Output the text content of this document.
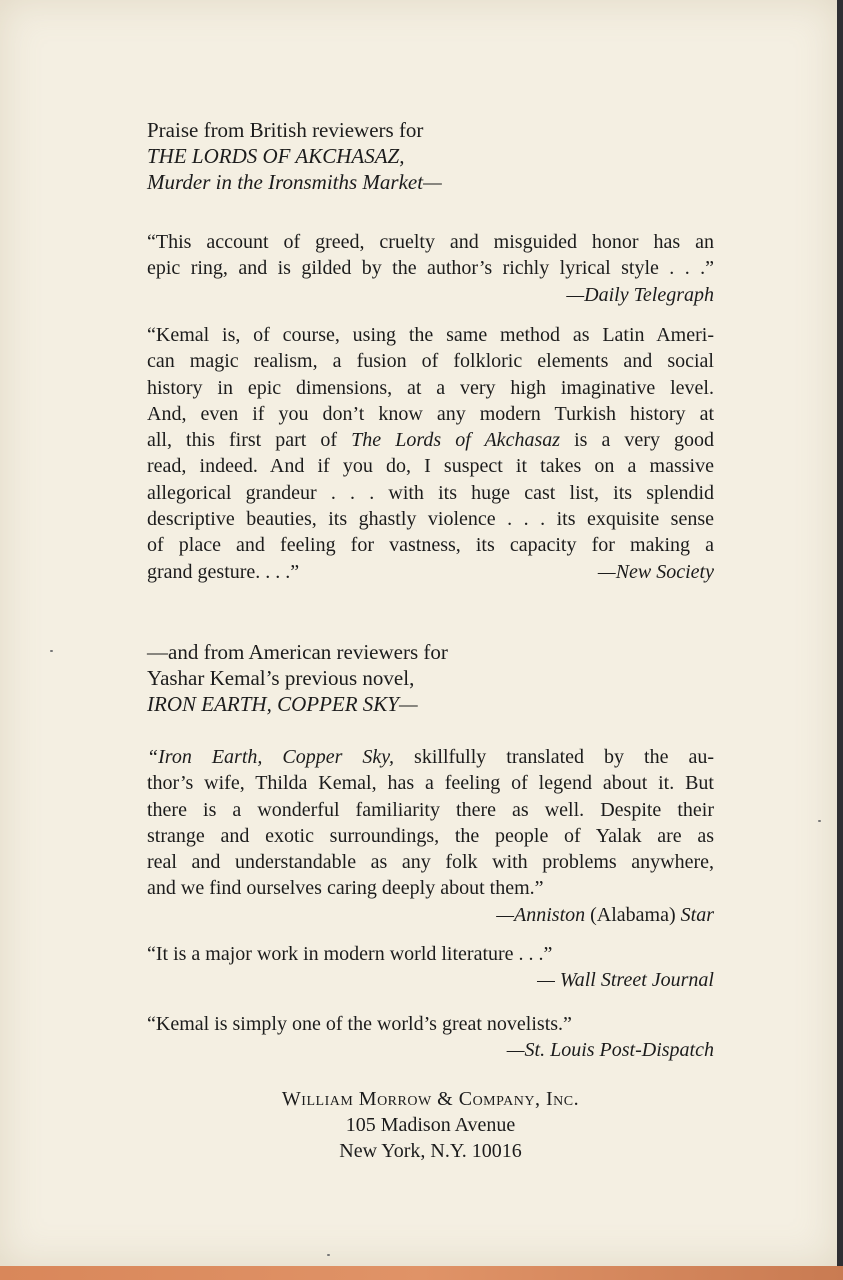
Praise from British reviewers for
THE LORDS OF AKCHASAZ,
Murder in the Ironsmiths Market—
“This account of greed, cruelty and misguided honor has an
epic ring, and is gilded by the author’s richly lyrical style . . .”
—Daily Telegraph
“Kemal is, of course, using the same method as Latin Ameri-
can magic realism, a fusion of folkloric elements and social
history in epic dimensions, at a very high imaginative level.
And, even if you don’t know any modern Turkish history at
all, this first part of The Lords of Akchasaz is a very good
read, indeed. And if you do, I suspect it takes on a massive
allegorical grandeur . . . with its huge cast list, its splendid
descriptive beauties, its ghastly violence . . . its exquisite sense
of place and feeling for vastness, its capacity for making a
grand gesture. . . .”	—New Society
—and from American reviewers for
Yashar Kemal’s previous novel,
IRON EARTH, COPPER SKY—
“Iron Earth, Copper Sky, skillfully translated by the au-
thor’s wife, Thilda Kemal, has a feeling of legend about it. But
there is a wonderful familiarity there as well. Despite their
strange and exotic surroundings, the people of Yalak are as
real and understandable as any folk with problems anywhere,
and we find ourselves caring deeply about them.”
—Anniston (Alabama) Star
“It is a major work in modern world literature . . .”
— Wall Street Journal
“Kemal is simply one of the world’s great novelists.”
—St. Louis Post-Dispatch
William Morrow & Company, Inc.
105 Madison Avenue
New York, N.Y. 10016
